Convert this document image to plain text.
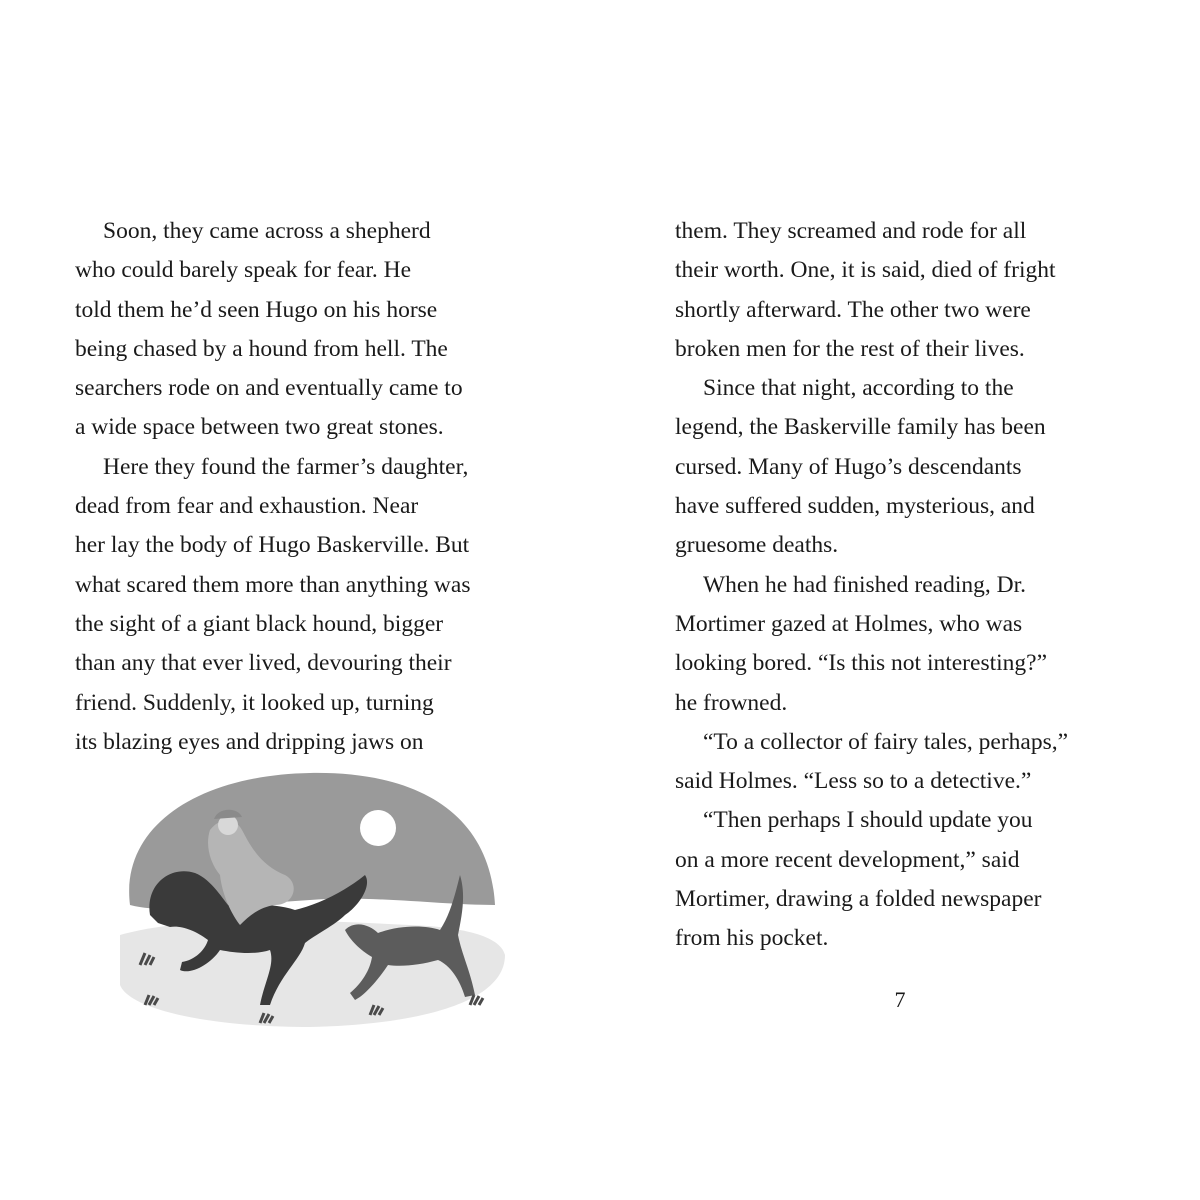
Soon, they came across a shepherd
who could barely speak for fear. He
told them he’d seen Hugo on his horse
being chased by a hound from hell. The
searchers rode on and eventually came to
a wide space between two great stones.
Here they found the farmer’s daughter,
dead from fear and exhaustion. Near
her lay the body of Hugo Baskerville. But
what scared them more than anything was
the sight of a giant black hound, bigger
than any that ever lived, devouring their
friend. Suddenly, it looked up, turning
its blazing eyes and dripping jaws on
them. They screamed and rode for all
their worth. One, it is said, died of fright
shortly afterward. The other two were
broken men for the rest of their lives.
Since that night, according to the
legend, the Baskerville family has been
cursed. Many of Hugo’s descendants
have suffered sudden, mysterious, and
gruesome deaths.
When he had finished reading, Dr.
Mortimer gazed at Holmes, who was
looking bored. “Is this not interesting?”
he frowned.
“To a collector of fairy tales, perhaps,”
said Holmes. “Less so to a detective.”
“Then perhaps I should update you
on a more recent development,” said
Mortimer, drawing a folded newspaper
from his pocket.
7
